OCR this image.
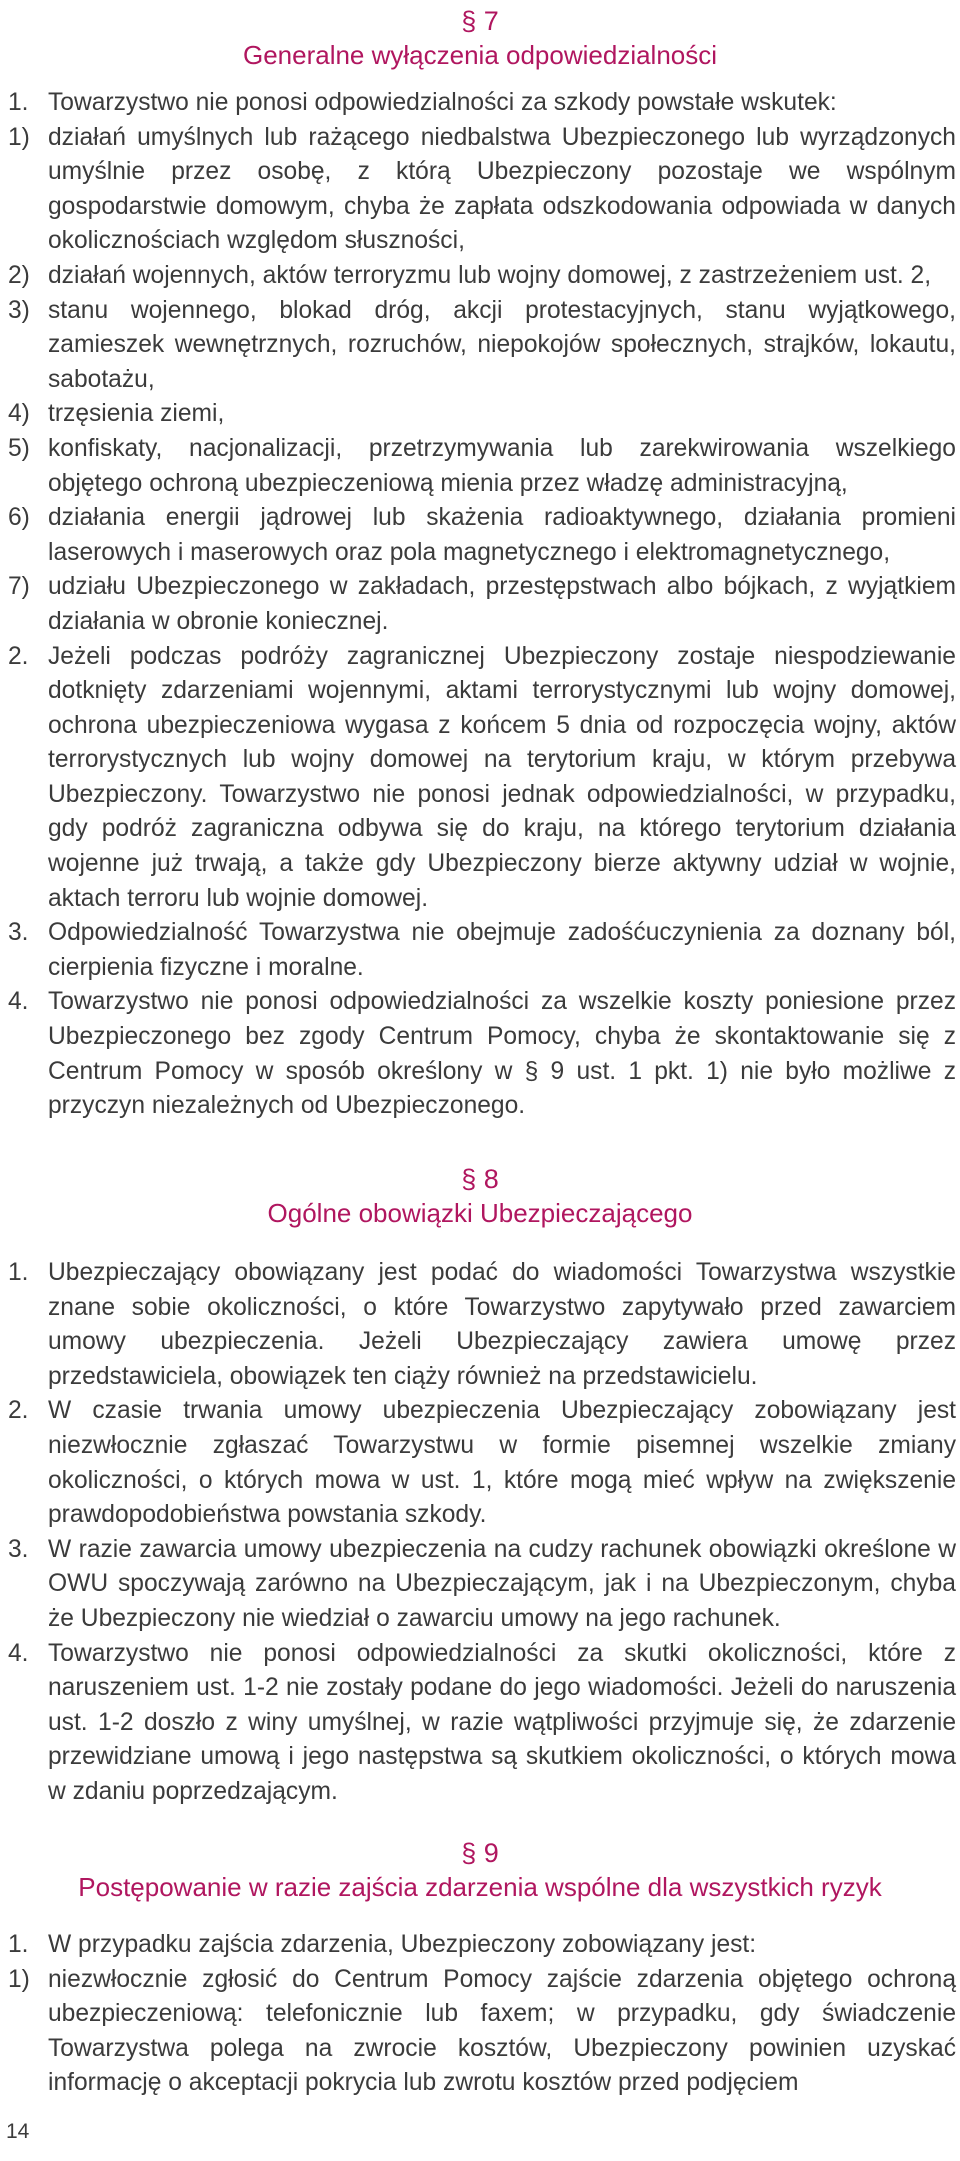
§ 7
Generalne wyłączenia odpowiedzialności
1. Towarzystwo nie ponosi odpowiedzialności za szkody powstałe wskutek:
1) działań umyślnych lub rażącego niedbalstwa Ubezpieczonego lub wyrządzonych umyślnie przez osobę, z którą Ubezpieczony pozostaje we wspólnym gospodarstwie domowym, chyba że zapłata odszkodowania odpowiada w danych okolicznościach względom słuszności,
2) działań wojennych, aktów terroryzmu lub wojny domowej, z zastrzeżeniem ust. 2,
3) stanu wojennego, blokad dróg, akcji protestacyjnych, stanu wyjątkowego, zamieszek wewnętrznych, rozruchów, niepokojów społecznych, strajków, lokautu, sabotażu,
4) trzęsienia ziemi,
5) konfiskaty, nacjonalizacji, przetrzymywania lub zarekwirowania wszelkiego objętego ochroną ubezpieczeniową mienia przez władzę administracyjną,
6) działania energii jądrowej lub skażenia radioaktywnego, działania promieni laserowych i maserowych oraz pola magnetycznego i elektromagnetycznego,
7) udziału Ubezpieczonego w zakładach, przestępstwach albo bójkach, z wyjątkiem działania w obronie koniecznej.
2. Jeżeli podczas podróży zagranicznej Ubezpieczony zostaje niespodziewanie dotknięty zdarzeniami wojennymi, aktami terrorystycznymi lub wojny domowej, ochrona ubezpieczeniowa wygasa z końcem 5 dnia od rozpoczęcia wojny, aktów terrorystycznych lub wojny domowej na terytorium kraju, w którym przebywa Ubezpieczony. Towarzystwo nie ponosi jednak odpowiedzialności, w przypadku, gdy podróż zagraniczna odbywa się do kraju, na którego terytorium działania wojenne już trwają, a także gdy Ubezpieczony bierze aktywny udział w wojnie, aktach terroru lub wojnie domowej.
3. Odpowiedzialność Towarzystwa nie obejmuje zadośćuczynienia za doznany ból, cierpienia fizyczne i moralne.
4. Towarzystwo nie ponosi odpowiedzialności za wszelkie koszty poniesione przez Ubezpieczonego bez zgody Centrum Pomocy, chyba że skontaktowanie się z Centrum Pomocy w sposób określony w § 9 ust. 1 pkt. 1) nie było możliwe z przyczyn niezależnych od Ubezpieczonego.
§ 8
Ogólne obowiązki Ubezpieczającego
1. Ubezpieczający obowiązany jest podać do wiadomości Towarzystwa wszystkie znane sobie okoliczności, o które Towarzystwo zapytywało przed zawarciem umowy ubezpieczenia. Jeżeli Ubezpieczający zawiera umowę przez przedstawiciela, obowiązek ten ciąży również na przedstawicielu.
2. W czasie trwania umowy ubezpieczenia Ubezpieczający zobowiązany jest niezwłocznie zgłaszać Towarzystwu w formie pisemnej wszelkie zmiany okoliczności, o których mowa w ust. 1, które mogą mieć wpływ na zwiększenie prawdopodobieństwa powstania szkody.
3. W razie zawarcia umowy ubezpieczenia na cudzy rachunek obowiązki określone w OWU spoczywają zarówno na Ubezpieczającym, jak i na Ubezpieczonym, chyba że Ubezpieczony nie wiedział o zawarciu umowy na jego rachunek.
4. Towarzystwo nie ponosi odpowiedzialności za skutki okoliczności, które z naruszeniem ust. 1-2 nie zostały podane do jego wiadomości. Jeżeli do naruszenia ust. 1-2 doszło z winy umyślnej, w razie wątpliwości przyjmuje się, że zdarzenie przewidziane umową i jego następstwa są skutkiem okoliczności, o których mowa w zdaniu poprzedzającym.
§ 9
Postępowanie w razie zajścia zdarzenia wspólne dla wszystkich ryzyk
1. W przypadku zajścia zdarzenia, Ubezpieczony zobowiązany jest:
1) niezwłocznie zgłosić do Centrum Pomocy zajście zdarzenia objętego ochroną ubezpieczeniową: telefonicznie lub faxem; w przypadku, gdy świadczenie Towarzystwa polega na zwrocie kosztów, Ubezpieczony powinien uzyskać informację o akceptacji pokrycia lub zwrotu kosztów przed podjęciem
14
